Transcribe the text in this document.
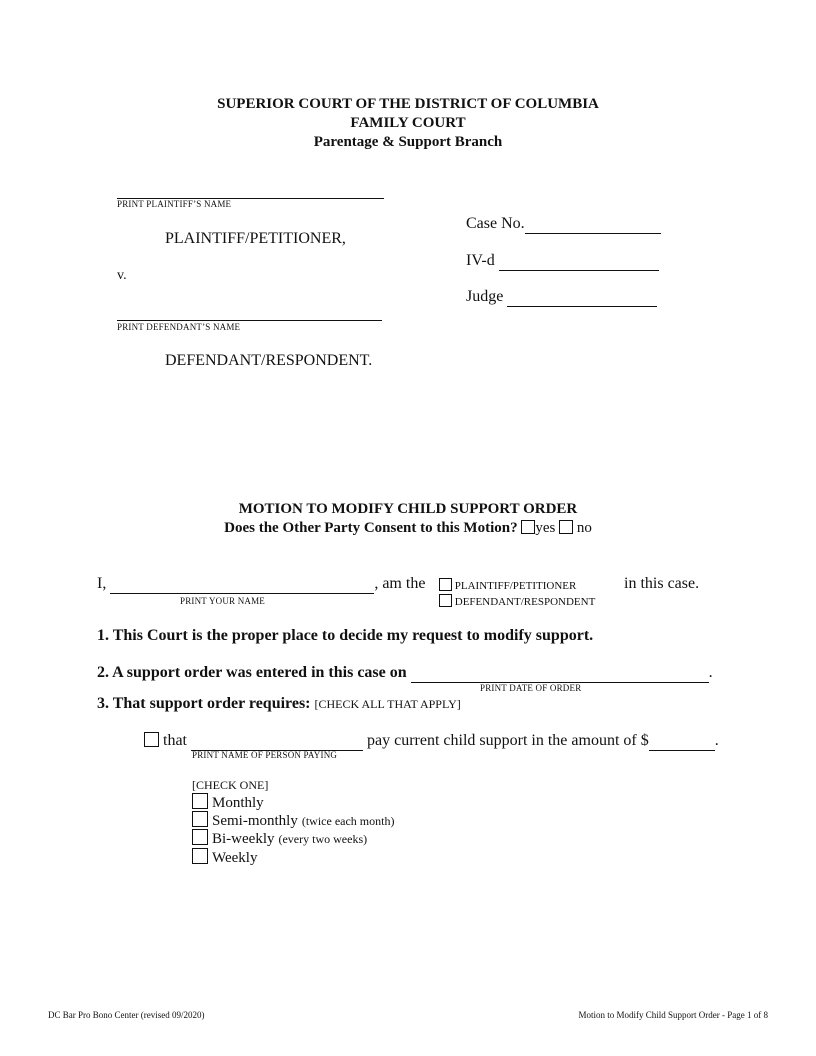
SUPERIOR COURT OF THE DISTRICT OF COLUMBIA
FAMILY COURT
Parentage & Support Branch
PRINT PLAINTIFF’S NAME
PLAINTIFF/PETITIONER,
v.
PRINT DEFENDANT’S NAME
DEFENDANT/RESPONDENT.
Case No.
IV-d
Judge
MOTION TO MODIFY CHILD SUPPORT ORDER
Does the Other Party Consent to this Motion? yes no
I,	, am the
PRINT YOUR NAME
PLAINTIFF/PETITIONER
DEFENDANT/RESPONDENT
in this case.
1. This Court is the proper place to decide my request to modify support.
2. A support order was entered in this case on	.
PRINT DATE OF ORDER
3. That support order requires: [CHECK ALL THAT APPLY]
that	pay current child support in the amount of $	.
PRINT NAME OF PERSON PAYING
[CHECK ONE]
Monthly
Semi-monthly (twice each month)
Bi-weekly (every two weeks)
Weekly
DC Bar Pro Bono Center (revised 09/2020)	Motion to Modify Child Support Order - Page 1 of 8
